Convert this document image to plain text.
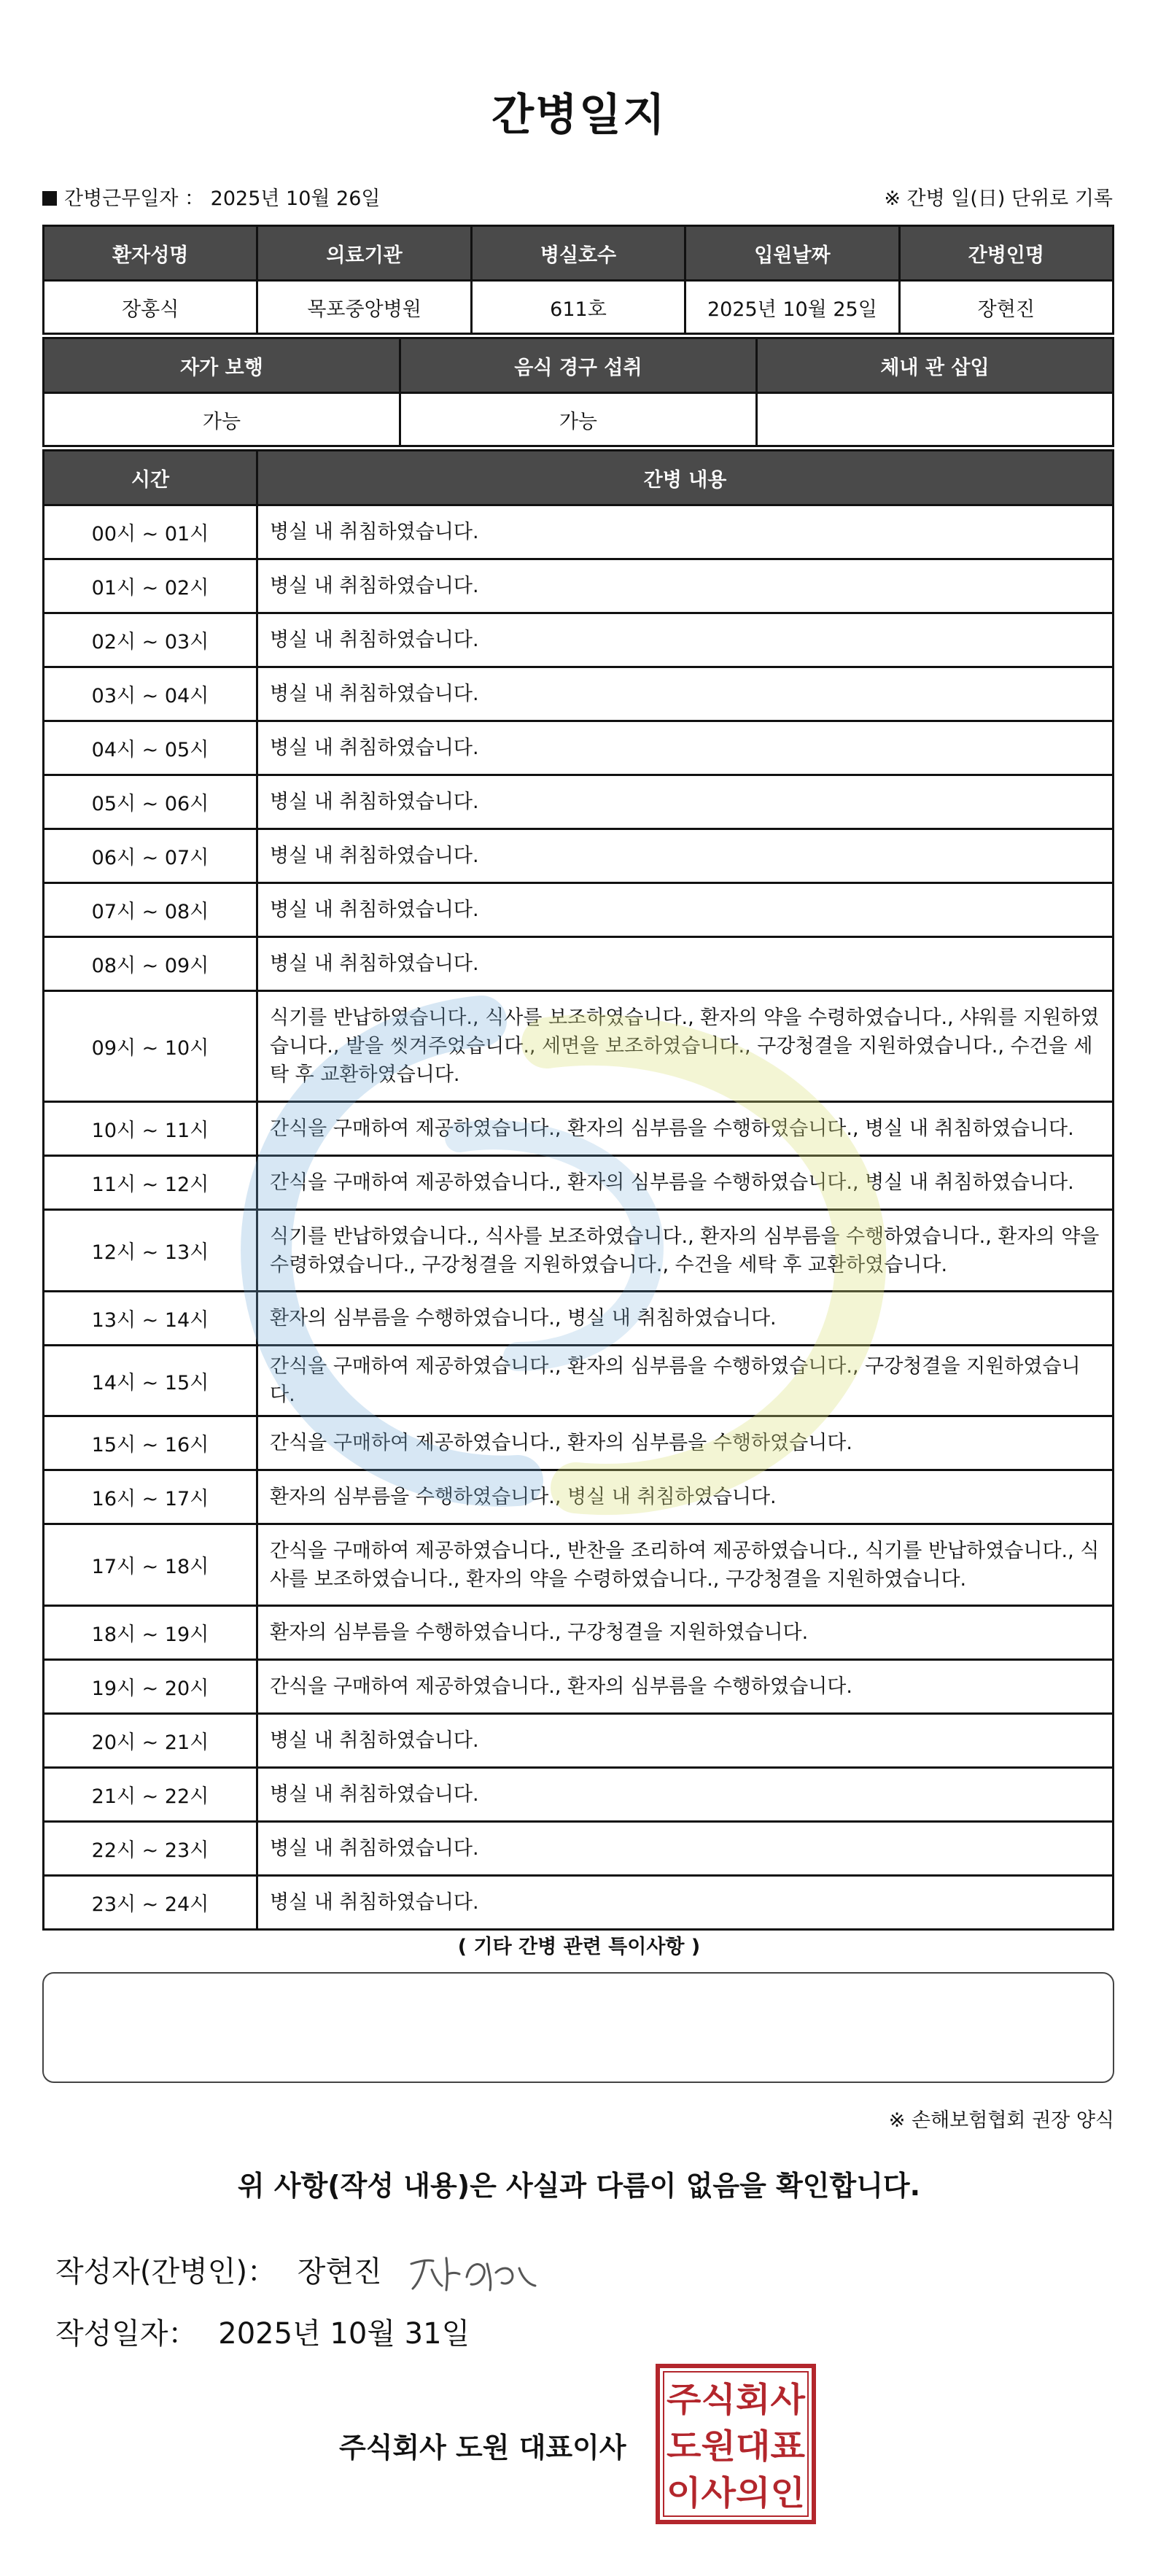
간병일지
간병근무일자 ： 2025년 10월 26일	※ 간병 일(日) 단위로 기록
환자성명	의료기관	병실호수	입원날짜	간병인명
장홍식	목포중앙병원	611호	2025년 10월 25일	장현진
자가 보행	음식 경구 섭취	체내 관 삽입
가능	가능	
시간	간병 내용
00시 ~ 01시	병실 내 취침하였습니다.
01시 ~ 02시	병실 내 취침하였습니다.
02시 ~ 03시	병실 내 취침하였습니다.
03시 ~ 04시	병실 내 취침하였습니다.
04시 ~ 05시	병실 내 취침하였습니다.
05시 ~ 06시	병실 내 취침하였습니다.
06시 ~ 07시	병실 내 취침하였습니다.
07시 ~ 08시	병실 내 취침하였습니다.
08시 ~ 09시	병실 내 취침하였습니다.
09시 ~ 10시	식기를 반납하였습니다., 식사를 보조하였습니다., 환자의 약을 수령하였습니다., 샤워를 지원하였습니다., 발을 씻겨주었습니다., 세면을 보조하였습니다., 구강청결을 지원하였습니다., 수건을 세탁 후 교환하였습니다.
10시 ~ 11시	간식을 구매하여 제공하였습니다., 환자의 심부름을 수행하였습니다., 병실 내 취침하였습니다.
11시 ~ 12시	간식을 구매하여 제공하였습니다., 환자의 심부름을 수행하였습니다., 병실 내 취침하였습니다.
12시 ~ 13시	식기를 반납하였습니다., 식사를 보조하였습니다., 환자의 심부름을 수행하였습니다., 환자의 약을 수령하였습니다., 구강청결을 지원하였습니다., 수건을 세탁 후 교환하였습니다.
13시 ~ 14시	환자의 심부름을 수행하였습니다., 병실 내 취침하였습니다.
14시 ~ 15시	간식을 구매하여 제공하였습니다., 환자의 심부름을 수행하였습니다., 구강청결을 지원하였습니다.
15시 ~ 16시	간식을 구매하여 제공하였습니다., 환자의 심부름을 수행하였습니다.
16시 ~ 17시	환자의 심부름을 수행하였습니다., 병실 내 취침하였습니다.
17시 ~ 18시	간식을 구매하여 제공하였습니다., 반찬을 조리하여 제공하였습니다., 식기를 반납하였습니다., 식사를 보조하였습니다., 환자의 약을 수령하였습니다., 구강청결을 지원하였습니다.
18시 ~ 19시	환자의 심부름을 수행하였습니다., 구강청결을 지원하였습니다.
19시 ~ 20시	간식을 구매하여 제공하였습니다., 환자의 심부름을 수행하였습니다.
20시 ~ 21시	병실 내 취침하였습니다.
21시 ~ 22시	병실 내 취침하였습니다.
22시 ~ 23시	병실 내 취침하였습니다.
23시 ~ 24시	병실 내 취침하였습니다.
( 기타 간병 관련 특이사항 )
※ 손해보험협회 권장 양식
위 사항(작성 내용)은 사실과 다름이 없음을 확인합니다.
작성자(간병인)： 장현진
작성일자： 2025년 10월 31일
주식회사 도원 대표이사
주식회사
도원대표
이사의인
